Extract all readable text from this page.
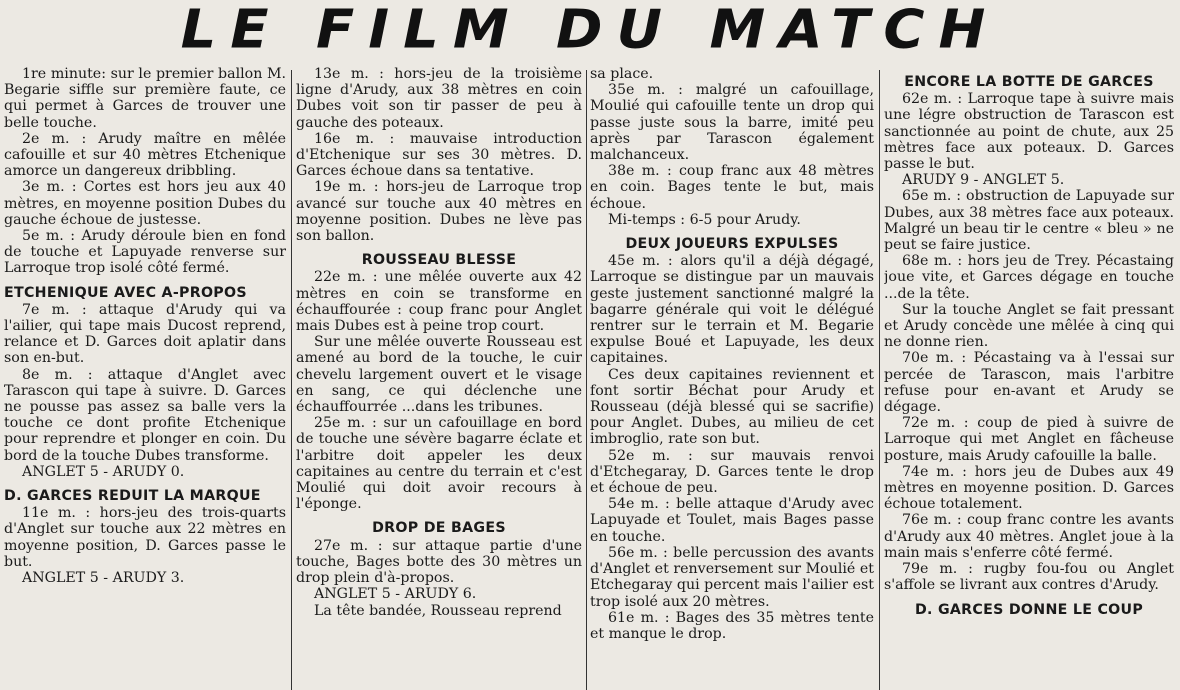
LE FILM DU MATCH

1re minute: sur le premier ballon M. Begarie siffle sur première faute, ce qui permet à Garces de trouver une belle touche.

2e m. : Arudy maître en mêlée cafouille et sur 40 mètres Etchenique amorce un dangereux dribbling.

3e m. : Cortes est hors jeu aux 40 mètres, en moyenne position Dubes du gauche échoue de justesse.

5e m. : Arudy déroule bien en fond de touche et Lapuyade renverse sur Larroque trop isolé côté fermé.

ETCHENIQUE AVEC A-PROPOS

7e m. : attaque d'Arudy qui va l'ailier, qui tape mais Ducost reprend, relance et D. Garces doit aplatir dans son en-but.

8e m. : attaque d'Anglet avec Tarascon qui tape à suivre. D. Garces ne pousse pas assez sa balle vers la touche ce dont profite Etchenique pour reprendre et plonger en coin. Du bord de la touche Dubes transforme.

ANGLET 5 - ARUDY 0.

D. GARCES REDUIT LA MARQUE

11e m. : hors-jeu des trois-quarts d'Anglet sur touche aux 22 mètres en moyenne position, D. Garces passe le but.

ANGLET 5 - ARUDY 3.

13e m. : hors-jeu de la troisième ligne d'Arudy, aux 38 mètres en coin Dubes voit son tir passer de peu à gauche des poteaux.

16e m. : mauvaise introduction d'Etchenique sur ses 30 mètres. D. Garces échoue dans sa tentative.

19e m. : hors-jeu de Larroque trop avancé sur touche aux 40 mètres en moyenne position. Dubes ne lève pas son ballon.

ROUSSEAU BLESSE

22e m. : une mêlée ouverte aux 42 mètres en coin se transforme en échauffourée : coup franc pour Anglet mais Dubes est à peine trop court.

Sur une mêlée ouverte Rousseau est amené au bord de la touche, le cuir chevelu largement ouvert et le visage en sang, ce qui déclenche une échauffourrée ...dans les tribunes.

25e m. : sur un cafouillage en bord de touche une sévère bagarre éclate et l'arbitre doit appeler les deux capitaines au centre du terrain et c'est Moulié qui doit avoir recours à l'éponge.

DROP DE BAGES

27e m. : sur attaque partie d'une touche, Bages botte des 30 mètres un drop plein d'à-propos.

ANGLET 5 - ARUDY 6.

La tête bandée, Rousseau reprend

sa place.

35e m. : malgré un cafouillage, Moulié qui cafouille tente un drop qui passe juste sous la barre, imité peu après par Tarascon également malchanceux.

38e m. : coup franc aux 48 mètres en coin. Bages tente le but, mais échoue.

Mi-temps : 6-5 pour Arudy.

DEUX JOUEURS EXPULSES

45e m. : alors qu'il a déjà dégagé, Larroque se distingue par un mauvais geste justement sanctionné malgré la bagarre générale qui voit le délégué rentrer sur le terrain et M. Begarie expulse Boué et Lapuyade, les deux capitaines.

Ces deux capitaines reviennent et font sortir Béchat pour Arudy et Rousseau (déjà blessé qui se sacrifie) pour Anglet. Dubes, au milieu de cet imbroglio, rate son but.

52e m. : sur mauvais renvoi d'Etchegaray, D. Garces tente le drop et échoue de peu.

54e m. : belle attaque d'Arudy avec Lapuyade et Toulet, mais Bages passe en touche.

56e m. : belle percussion des avants d'Anglet et renversement sur Moulié et Etchegaray qui percent mais l'ailier est trop isolé aux 20 mètres.

61e m. : Bages des 35 mètres tente et manque le drop.

ENCORE LA BOTTE DE GARCES

62e m. : Larroque tape à suivre mais une légre obstruction de Tarascon est sanctionnée au point de chute, aux 25 mètres face aux poteaux. D. Garces passe le but.

ARUDY 9 - ANGLET 5.

65e m. : obstruction de Lapuyade sur Dubes, aux 38 mètres face aux poteaux. Malgré un beau tir le centre « bleu » ne peut se faire justice.

68e m. : hors jeu de Trey. Pécastaing joue vite, et Garces dégage en touche ...de la tête.

Sur la touche Anglet se fait pressant et Arudy concède une mêlée à cinq qui ne donne rien.

70e m. : Pécastaing va à l'essai sur percée de Tarascon, mais l'arbitre refuse pour en-avant et Arudy se dégage.

72e m. : coup de pied à suivre de Larroque qui met Anglet en fâcheuse posture, mais Arudy cafouille la balle.

74e m. : hors jeu de Dubes aux 49 mètres en moyenne position. D. Garces échoue totalement.

76e m. : coup franc contre les avants d'Arudy aux 40 mètres. Anglet joue à la main mais s'enferre côté fermé.

79e m. : rugby fou-fou ou Anglet s'affole se livrant aux contres d'Arudy.

D. GARCES DONNE LE COUP
